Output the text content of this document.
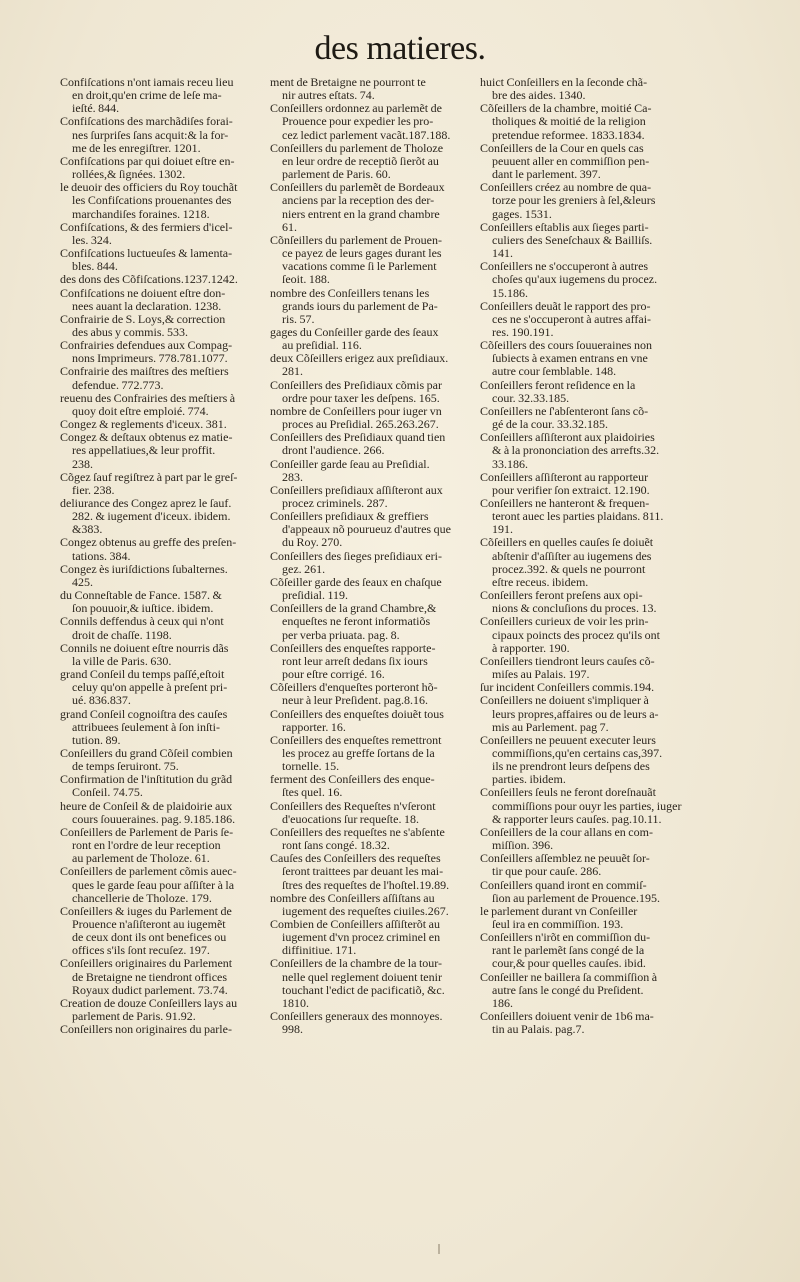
des matieres.

Confiſcations n'ont iamais receu lieu
en droit,qu'en crime de leſe ma-
ieſté. 844.

Confiſcations des marchãdiſes forai-
nes ſurpriſes ſans acquit:& la for-
me de les enregiſtrer. 1201.

Confiſcations par qui doiuet eſtre en-
rollées,& ſignées. 1302.

le deuoir des officiers du Roy touchãt
les Confiſcations prouenantes des
marchandiſes foraines. 1218.

Confiſcations, & des fermiers d'icel-
les. 324.

Confiſcations luctueuſes & lamenta-
bles. 844.

des dons des Cõfiſcations.1237.1242.

Confiſcations ne doiuent eſtre don-
nees auant la declaration. 1238.

Confrairie de S. Loys,& correction
des abus y commis. 533.

Confrairies defendues aux Compag-
nons Imprimeurs. 778.781.1077.

Confrairie des maiſtres des meſtiers
defendue. 772.773.

reuenu des Confrairies des meſtiers à
quoy doit eſtre emploié. 774.

Congez & reglements d'iceux. 381.

Congez & deſtaux obtenus ez matie-
res appellatiues,& leur proffit.
238.

Cõgez ſauf regiſtrez à part par le greſ-
fier. 238.

deliurance des Congez aprez le ſauf.
282. & iugement d'iceux. ibidem.
&383.

Congez obtenus au greffe des preſen-
tations. 384.

Congez ès iuriſdictions ſubalternes.
425.

du Conneſtable de Fance. 1587. &
ſon pouuoir,& iuſtice. ibidem.

Connils deffendus à ceux qui n'ont
droit de chaſſe. 1198.

Connils ne doiuent eſtre nourris dãs
la ville de Paris. 630.

grand Conſeil du temps paſſé,eſtoit
celuy qu'on appelle à preſent pri-
ué. 836.837.

grand Conſeil cognoiſtra des cauſes
attribuees ſeulement à ſon inſti-
tution. 89.

Conſeillers du grand Cõſeil combien
de temps ſeruiront. 75.

Confirmation de l'inſtitution du grãd
Conſeil. 74.75.

heure de Conſeil & de plaidoirie aux
cours ſouueraines. pag. 9.185.186.

Conſeillers de Parlement de Paris ſe-
ront en l'ordre de leur reception
au parlement de Tholoze. 61.

Conſeillers de parlement cõmis auec-
ques le garde ſeau pour aſſiſter à la
chancellerie de Tholoze. 179.

Conſeillers & iuges du Parlement de
Prouence n'aſiſteront au iugemẽt
de ceux dont ils ont benefices ou
offices s'ils ſont recuſez. 197.

Conſeillers originaires du Parlement
de Bretaigne ne tiendront offices
Royaux dudict parlement. 73.74.

Creation de douze Conſeillers lays au
parlement de Paris. 91.92.

Conſeillers non originaires du parle-

ment de Bretaigne ne pourront te
nir autres eſtats. 74.

Conſeillers ordonnez au parlemẽt de
Prouence pour expedier les pro-
cez ledict parlement vacãt.187.188.

Conſeillers du parlement de Tholoze
en leur ordre de receptiõ ſierõt au
parlement de Paris. 60.

Conſeillers du parlemẽt de Bordeaux
anciens par la reception des der-
niers entrent en la grand chambre
61.

Cõnſeillers du parlement de Prouen-
ce payez de leurs gages durant les
vacations comme ſi le Parlement
ſeoit. 188.

nombre des Conſeillers tenans les
grands iours du parlement de Pa-
ris. 57.

gages du Conſeiller garde des ſeaux
au preſidial. 116.

deux Cõſeillers erigez aux preſidiaux.
281.

Conſeillers des Preſidiaux cõmis par
ordre pour taxer les deſpens. 165.

nombre de Conſeillers pour iuger vn
proces au Preſidial. 265.263.267.

Conſeillers des Preſidiaux quand tien
dront l'audience. 266.

Conſeiller garde ſeau au Preſidial.
283.

Conſeillers preſidiaux aſſiſteront aux
procez criminels. 287.

Conſeillers preſidiaux & greffiers
d'appeaux nõ pourueuz d'autres que
du Roy. 270.

Conſeillers des ſieges preſidiaux eri-
gez. 261.

Cõſeiller garde des ſeaux en chaſque
preſidial. 119.

Conſeillers de la grand Chambre,&
enqueſtes ne feront informatiõs
per verba priuata. pag. 8.

Conſeillers des enqueſtes rapporte-
ront leur arreſt dedans ſix iours
pour eſtre corrigé. 16.

Cõſeillers d'enqueſtes porteront hõ-
neur à leur Preſident. pag.8.16.

Conſeillers des enqueſtes doiuẽt tous
rapporter. 16.

Conſeillers des enqueſtes remettront
les procez au greffe ſortans de la
tornelle. 15.

ferment des Conſeillers des enque-
ſtes quel. 16.

Conſeillers des Requeſtes n'vſeront
d'euocations ſur requeſte. 18.

Conſeillers des requeſtes ne s'abſente
ront ſans congé. 18.32.

Cauſes des Conſeillers des requeſtes
ſeront traittees par deuant les mai-
ſtres des requeſtes de l'hoſtel.19.89.

nombre des Conſeillers aſſiſtans au
iugement des requeſtes ciuiles.267.

Combien de Conſeillers aſſiſterõt au
iugement d'vn procez criminel en
diffinitiue. 171.

Conſeillers de la chambre de la tour-
nelle quel reglement doiuent tenir
touchant l'edict de pacificatiõ, &c.
1810.

Conſeillers generaux des monnoyes.
998.

huict Conſeillers en la ſeconde chã-
bre des aides. 1340.

Cõſeillers de la chambre, moitié Ca-
tholiques & moitié de la religion
pretendue reformee. 1833.1834.

Conſeillers de la Cour en quels cas
peuuent aller en commiſſion pen-
dant le parlement. 397.

Conſeillers créez au nombre de qua-
torze pour les greniers à ſel,&leurs
gages. 1531.

Conſeillers eſtablis aux ſieges parti-
culiers des Seneſchaux & Bailliſs.
141.

Conſeillers ne s'occuperont à autres
choſes qu'aux iugemens du procez.
15.186.

Conſeillers deuãt le rapport des pro-
ces ne s'occuperont à autres affai-
res. 190.191.

Cõſeillers des cours ſouueraines non
ſubiects à examen entrans en vne
autre cour ſemblable. 148.

Conſeillers feront reſidence en la
cour. 32.33.185.

Conſeillers ne ſ'abſenteront ſans cõ-
gé de la cour. 33.32.185.

Conſeillers aſſiſteront aux plaidoiries
& à la prononciation des arrefts.32.
33.186.

Conſeillers aſſiſteront au rapporteur
pour verifier ſon extraict. 12.190.

Conſeillers ne hanteront & frequen-
teront auec les parties plaidans. 811.
191.

Cõſeillers en quelles cauſes ſe doiuẽt
abſtenir d'aſſiſter au iugemens des
procez.392. & quels ne pourront
eſtre receus. ibidem.

Conſeillers feront preſens aux opi-
nions & concluſions du proces. 13.

Conſeillers curieux de voir les prin-
cipaux poincts des procez qu'ils ont
à rapporter. 190.

Conſeillers tiendront leurs cauſes cõ-
miſes au Palais. 197.

ſur incident Conſeillers commis.194.

Conſeillers ne doiuent s'impliquer à
leurs propres,affaires ou de leurs a-
mis au Parlement. pag 7.

Conſeillers ne peuuent executer leurs
commiſſions,qu'en certains cas,397.
ils ne prendront leurs deſpens des
parties. ibidem.

Conſeillers ſeuls ne feront doreſnauãt
commiſſions pour ouyr les parties, iuger
& rapporter leurs cauſes. pag.10.11.

Conſeillers de la cour allans en com-
miſſion. 396.

Conſeillers aſſemblez ne peuuẽt ſor-
tir que pour cauſe. 286.

Conſeillers quand iront en commiſ-
ſion au parlement de Prouence.195.

le parlement durant vn Conſeiller
ſeul ira en commiſſion. 193.

Conſeillers n'irõt en commiſſion du-
rant le parlemẽt ſans congé de la
cour,& pour quelles cauſes. ibid.

Conſeiller ne baillera ſa commiſſion à
autre ſans le congé du Preſident.
186.

Conſeillers doiuent venir de 1b6 ma-
tin au Palais. pag.7.
